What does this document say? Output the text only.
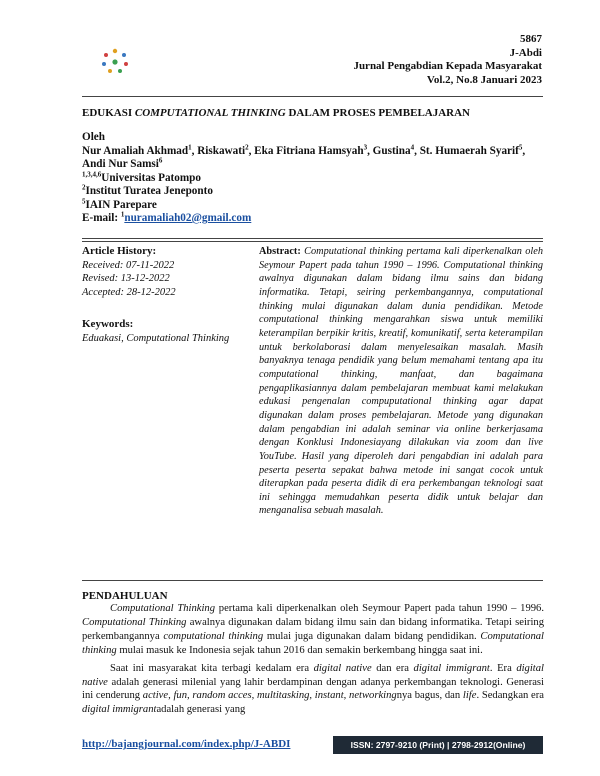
5867
J-Abdi
Jurnal Pengabdian Kepada Masyarakat
Vol.2, No.8 Januari 2023
EDUKASI COMPUTATIONAL THINKING DALAM PROSES PEMBELAJARAN
Oleh
Nur Amaliah Akhmad$^1$, Riskawati$^2$, Eka Fitriana Hamsyah$^3$, Gustina$^4$, St. Humaerah Syarif$^5$, Andi Nur Samsi$^6$
$^{1,3,4,6}$Universitas Patompo
$^2$Institut Turatea Jeneponto
$^5$IAIN Parepare
E-mail: $^1$nuramaliah02@gmail.com
Article History:
Received: 07-11-2022
Revised: 13-12-2022
Accepted: 28-12-2022
Keywords:
Eduakasi, Computational Thinking
Abstract: Computational thinking pertama kali diperkenalkan oleh Seymour Papert pada tahun 1990 – 1996. Computational thinking awalnya digunakan dalam bidang ilmu sains dan bidang informatika. Tetapi, seiring perkembangannya, computational thinking mulai digunakan dalam dunia pendidikan. Metode computational thinking mengarahkan siswa untuk memiliki keterampilan berpikir kritis, kreatif, komunikatif, serta keterampilan untuk berkolaborasi dalam menyelesaikan masalah. Masih banyaknya tenaga pendidik yang belum memahami tentang apa itu computational thinking, manfaat, dan bagaimana pengaplikasiannya dalam pembelajaran membuat kami melakukan edukasi pengenalan compuputational thinking agar dapat digunakan dalam proses pembelajaran. Metode yang digunakan dalam pengabdian ini adalah seminar via online berkerjasama dengan Konklusi Indonesiayang dilakukan via zoom dan live YouTube. Hasil yang diperoleh dari pengabdian ini adalah para peserta peserta sepakat bahwa metode ini sangat cocok untuk diterapkan pada peserta didik di era perkembangan teknologi saat ini sehingga memudahkan peserta didik untuk belajar dan menganalisa sebuah masalah.
PENDAHULUAN

Computational Thinking pertama kali diperkenalkan oleh Seymour Papert pada tahun 1990 – 1996. Computational Thinking awalnya digunakan dalam bidang ilmu sain dan bidang informatika. Tetapi seiring perkembangannya computational thinking mulai juga digunakan dalam bidang pendidikan. Computational thinking mulai masuk ke Indonesia sejak tahun 2016 dan semakin berkembang hingga saat ini.

Saat ini masyarakat kita terbagi kedalam era digital native dan era digital immigrant. Era digital native adalah generasi milenial yang lahir berdampinan dengan adanya perkembangan teknologi. Generasi ini cenderung active, fun, random acces, multitasking, instant, networkingnya bagus, dan life. Sedangkan era digital immigrantadalah generasi yang

http://bajangjournal.com/index.php/J-ABDI	ISSN: 2797-9210 (Print) | 2798-2912(Online)
